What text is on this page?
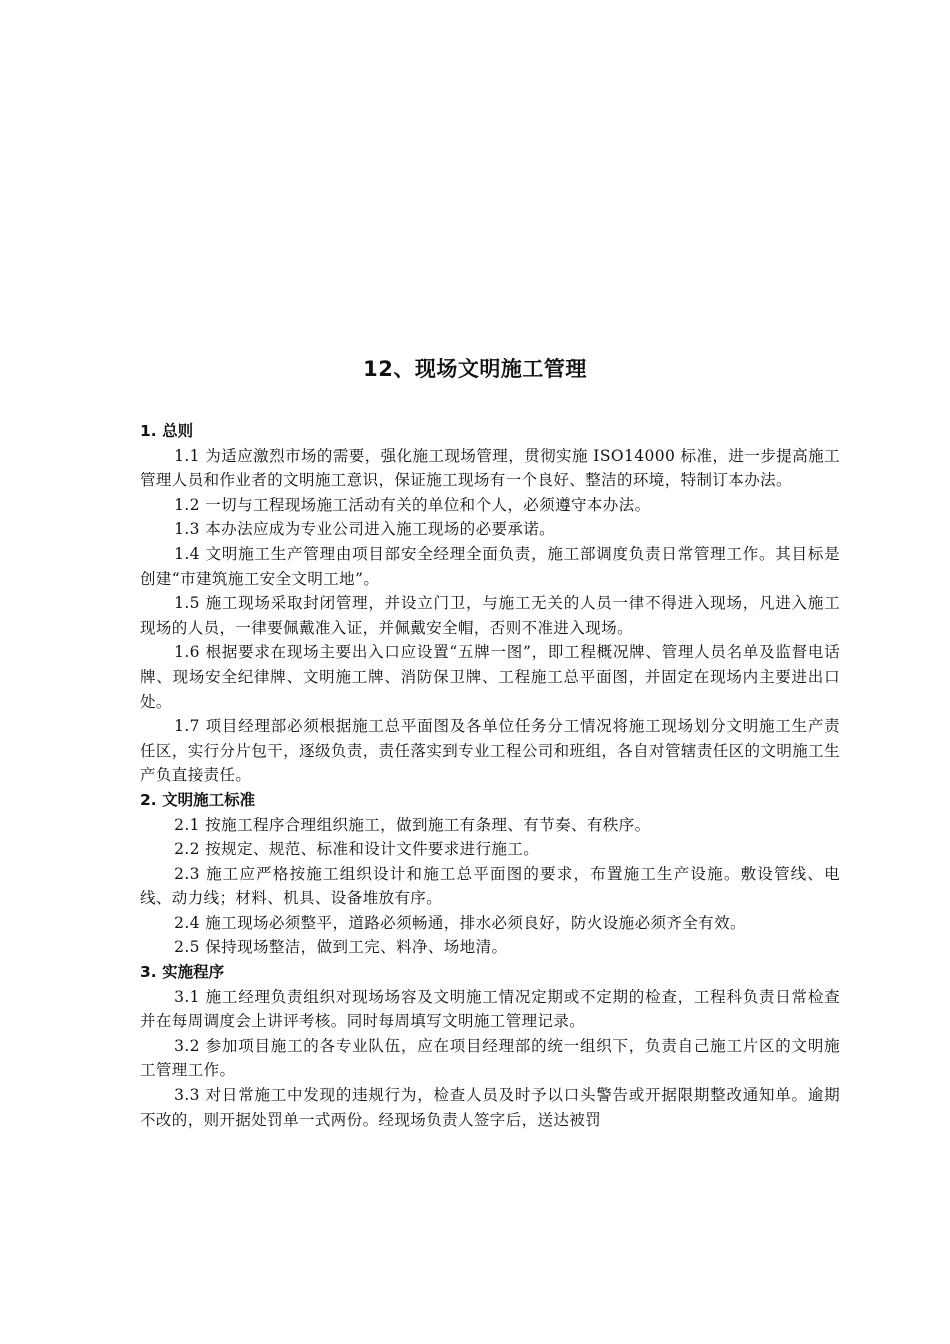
12、现场文明施工管理

1. 总则

1.1 为适应激烈市场的需要，强化施工现场管理，贯彻实施 ISO14000 标准，进一步提高施工管理人员和作业者的文明施工意识，保证施工现场有一个良好、整洁的环境，特制订本办法。

1.2 一切与工程现场施工活动有关的单位和个人，必须遵守本办法。

1.3 本办法应成为专业公司进入施工现场的必要承诺。

1.4 文明施工生产管理由项目部安全经理全面负责，施工部调度负责日常管理工作。其目标是创建“市建筑施工安全文明工地”。

1.5 施工现场采取封闭管理，并设立门卫，与施工无关的人员一律不得进入现场，凡进入施工现场的人员，一律要佩戴准入证，并佩戴安全帽，否则不准进入现场。

1.6 根据要求在现场主要出入口应设置“五牌一图”，即工程概况牌、管理人员名单及监督电话牌、现场安全纪律牌、文明施工牌、消防保卫牌、工程施工总平面图，并固定在现场内主要进出口处。

1.7 项目经理部必须根据施工总平面图及各单位任务分工情况将施工现场划分文明施工生产责任区，实行分片包干，逐级负责，责任落实到专业工程公司和班组，各自对管辖责任区的文明施工生产负直接责任。

2. 文明施工标准

2.1 按施工程序合理组织施工，做到施工有条理、有节奏、有秩序。

2.2 按规定、规范、标准和设计文件要求进行施工。

2.3 施工应严格按施工组织设计和施工总平面图的要求，布置施工生产设施。敷设管线、电线、动力线；材料、机具、设备堆放有序。

2.4 施工现场必须整平，道路必须畅通，排水必须良好，防火设施必须齐全有效。

2.5 保持现场整洁，做到工完、料净、场地清。

3. 实施程序

3.1 施工经理负责组织对现场场容及文明施工情况定期或不定期的检查，工程科负责日常检查并在每周调度会上讲评考核。同时每周填写文明施工管理记录。

3.2 参加项目施工的各专业队伍，应在项目经理部的统一组织下，负责自己施工片区的文明施工管理工作。

3.3 对日常施工中发现的违规行为，检查人员及时予以口头警告或开据限期整改通知单。逾期不改的，则开据处罚单一式两份。经现场负责人签字后，送达被罚
